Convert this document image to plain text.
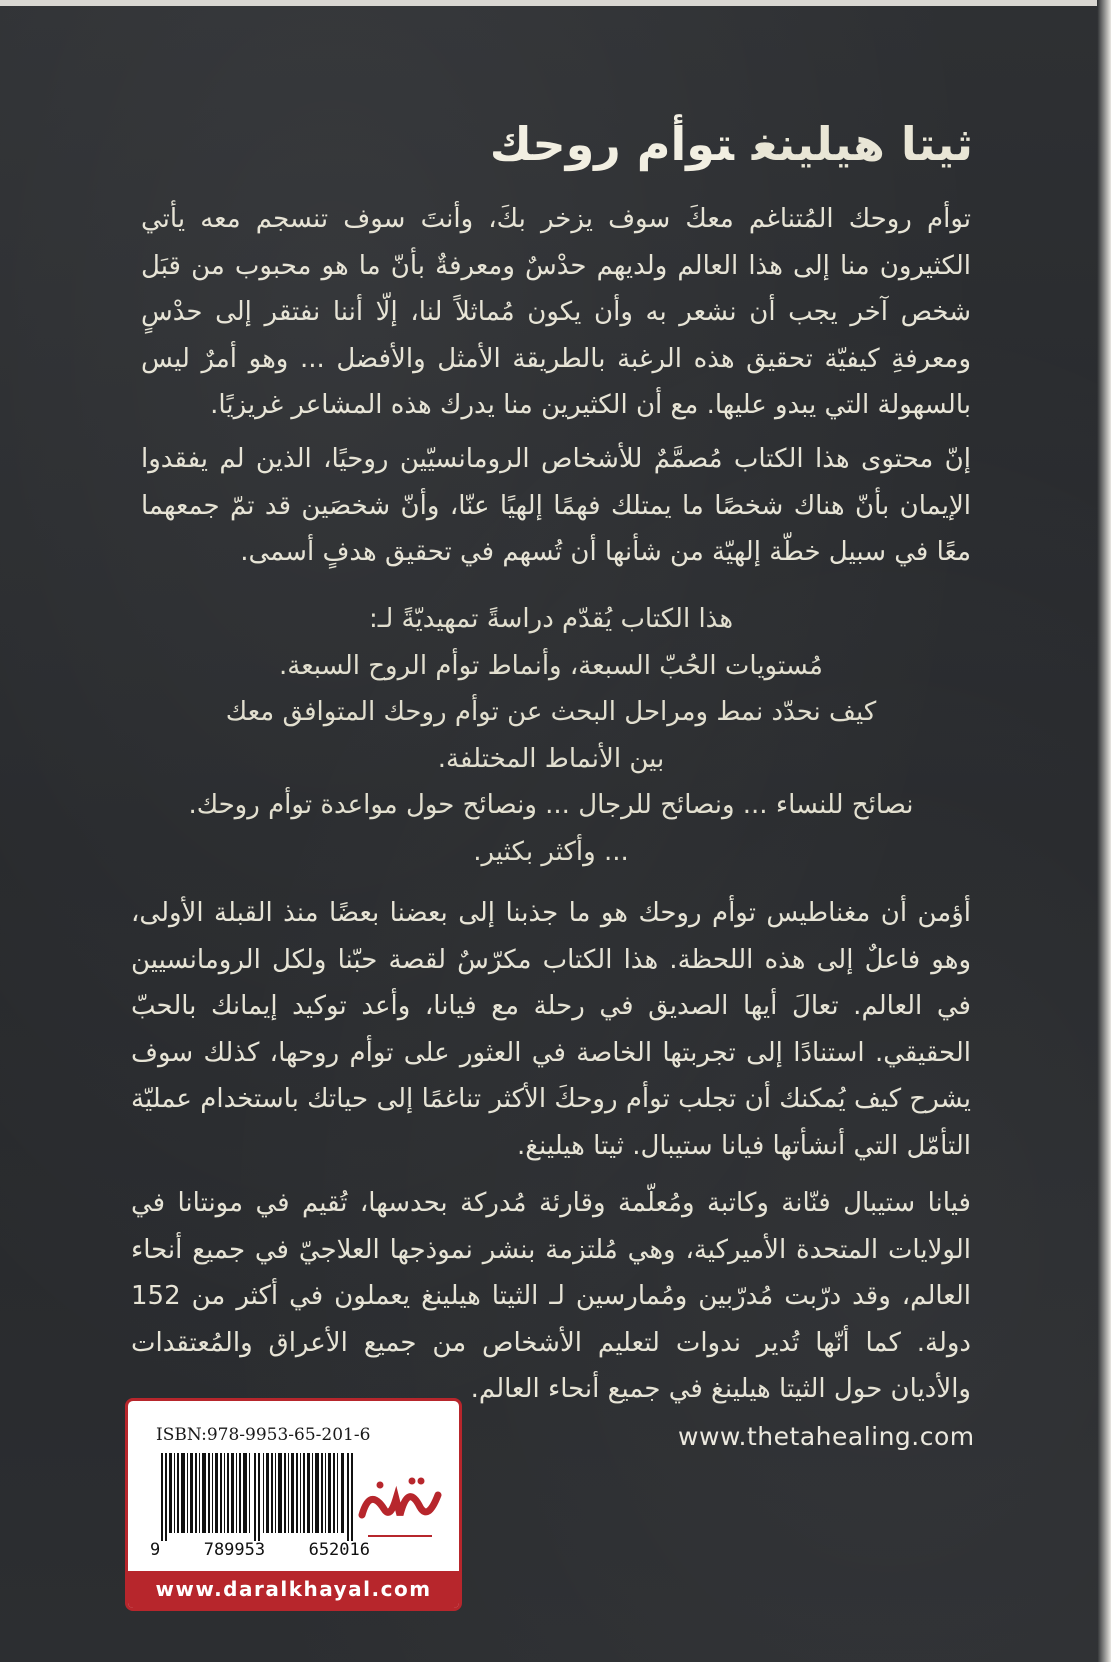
ثيتا هيلينغتوأم روحك

توأم روحك المُتناغم معكَ سوف يزخر بكَ، وأنتَ سوف تنسجم معه يأتي الكثيرون منا إلى هذا العالم ولديهم حدْسٌ ومعرفةٌ بأنّ ما هو محبوب من قبَل شخص آخر يجب أن نشعر به وأن يكون مُماثلاً لنا، إلّا أننا نفتقر إلى حدْسٍ ومعرفةِ كيفيّة تحقيق هذه الرغبة بالطريقة الأمثل والأفضل ... وهو أمرٌ ليس بالسهولة التي يبدو عليها. مع أن الكثيرين منا يدرك هذه المشاعر غريزيًا.

إنّ محتوى هذا الكتاب مُصمَّمٌ للأشخاص الرومانسيّين روحيًا، الذين لم يفقدوا الإيمان بأنّ هناك شخصًا ما يمتلك فهمًا إلهيًا عنّا، وأنّ شخصَين قد تمّ جمعهما معًا في سبيل خطّة إلهيّة من شأنها أن تُسهم في تحقيق هدفٍ أسمى.

هذا الكتاب يُقدّم دراسةً تمهيديّةً لـ:
مُستويات الحُبّ السبعة، وأنماط توأم الروح السبعة.
كيف نحدّد نمط ومراحل البحث عن توأم روحك المتوافق معك
بين الأنماط المختلفة.
نصائح للنساء ... ونصائح للرجال ... ونصائح حول مواعدة توأم روحك.
... وأكثر بكثير.

أؤمن أن مغناطيس توأم روحك هو ما جذبنا إلى بعضنا بعضًا منذ القبلة الأولى، وهو فاعلٌ إلى هذه اللحظة. هذا الكتاب مكرّسٌ لقصة حبّنا ولكل الرومانسيين في العالم. تعالَ أيها الصديق في رحلة مع فيانا، وأعد توكيد إيمانك بالحبّ الحقيقي. استنادًا إلى تجربتها الخاصة في العثور على توأم روحها، كذلك سوف يشرح كيف يُمكنك أن تجلب توأم روحكَ الأكثر تناغمًا إلى حياتك باستخدام عمليّة التأمّل التي أنشأتها فيانا ستيبال. ثيتا هيلينغ.

فيانا ستيبال فنّانة وكاتبة ومُعلّمة وقارئة مُدركة بحدسها، تُقيم في مونتانا في الولايات المتحدة الأميركية، وهي مُلتزمة بنشر نموذجها العلاجيّ في جميع أنحاء العالم، وقد درّبت مُدرّبين ومُمارسين لـ الثيتا هيلينغ يعملون في أكثر من 152 دولة. كما أنّها تُدير ندوات لتعليم الأشخاص من جميع الأعراق والمُعتقدات والأديان حول الثيتا هيلينغ في جميع أنحاء العالم.

www.thetahealing.com
ISBN:978-9953-65-201-6
9	789953	652016
www.daralkhayal.com
